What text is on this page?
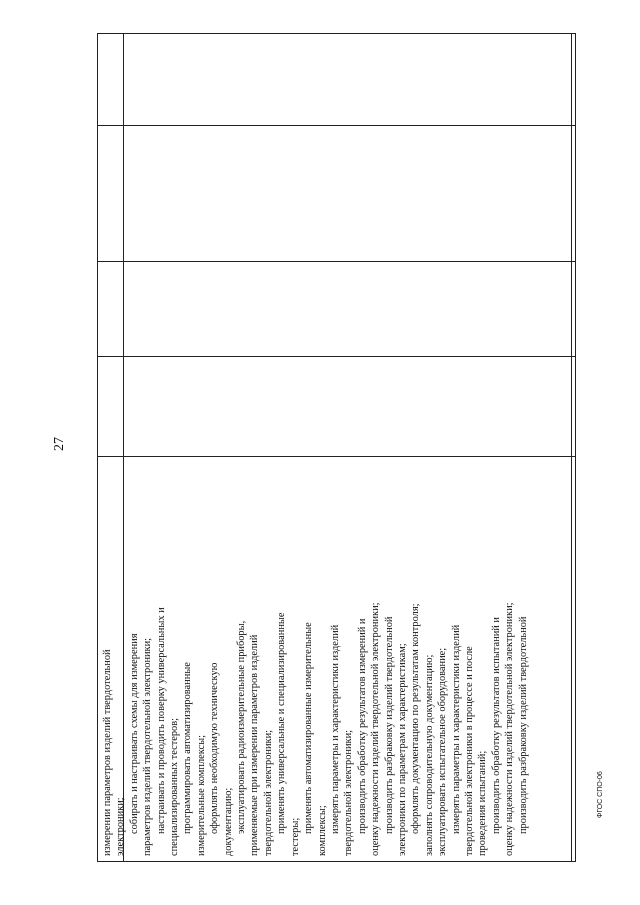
27
измерении параметров изделий твердотельной электроники; собирать и настраивать схемы для измерения параметров изделий твердотельной электроники; настраивать и проводить поверку универсальных и специализированных тестеров; программировать автоматизированные измерительные комплексы; оформлять необходимую техническую документацию; эксплуатировать радиоизмерительные приборы, применяемые при измерении параметров изделий твердотельной электроники; применять универсальные и специализированные
тестеры;
применять автоматизированные измерительные комплексы; измерять параметры и характеристики изделий твердотельной электроники; производить обработку результатов измерений и оценку надежности изделий твердотельной электроники; производить разбраковку изделий твердотельной электроники по параметрам и характеристикам; оформлять документацию по результатам контроля; заполнять сопроводительную документацию; эксплуатировать испытательное оборудование; измерять параметры и характеристики изделий твердотельной электроники в процессе и после проведения испытаний; производить обработку результатов испытаний и оценку надежности изделий твердотельной электроники; производить разбраковку изделий твердотельной	ФГОС СПО-06
